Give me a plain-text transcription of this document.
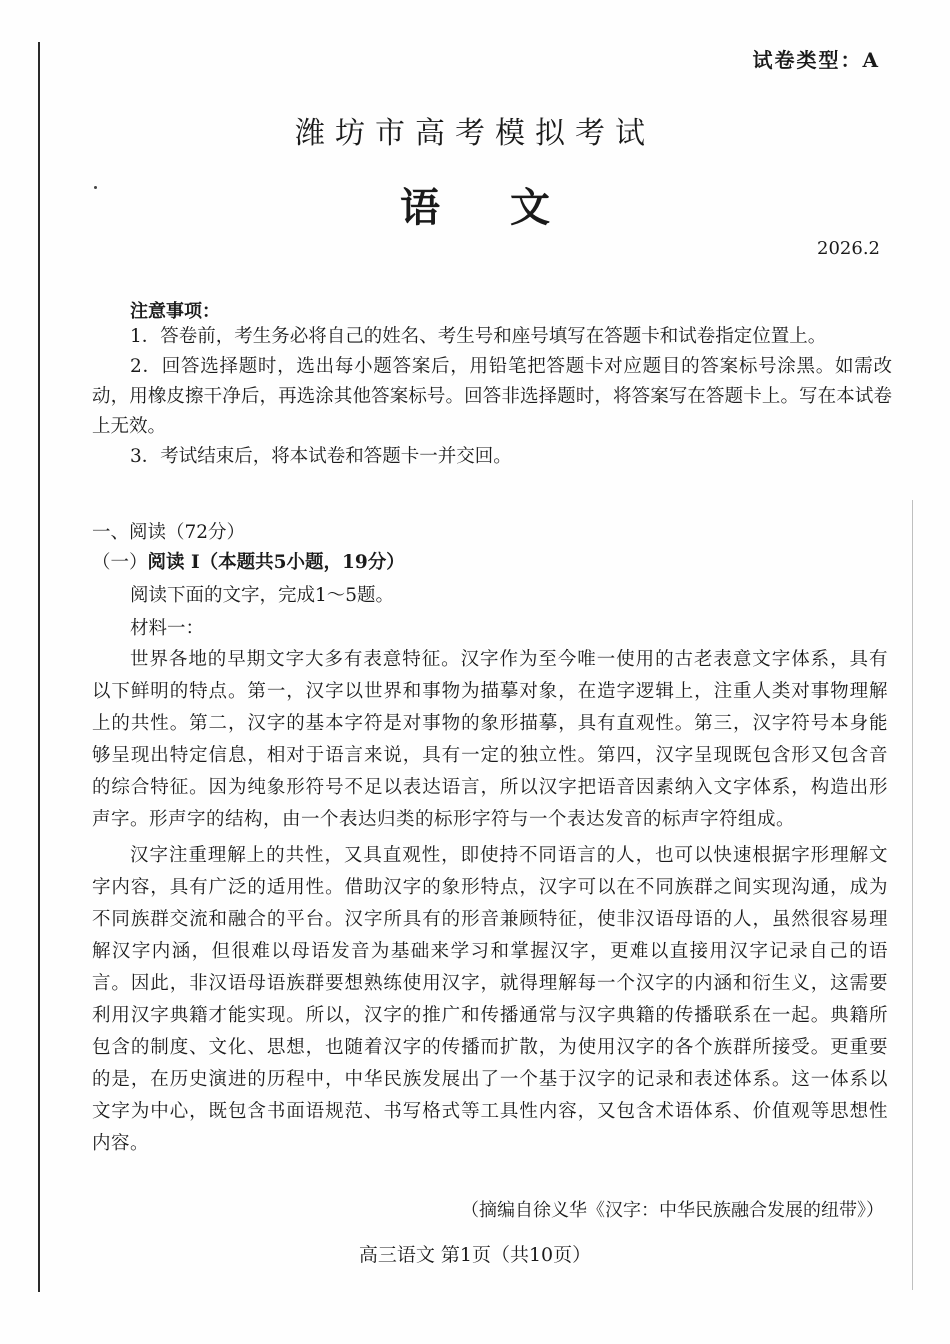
试卷类型：A
潍坊市高考模拟考试
语文
2026.2
注意事项：

1．答卷前，考生务必将自己的姓名、考生号和座号填写在答题卡和试卷指定位置上。

2．回答选择题时，选出每小题答案后，用铅笔把答题卡对应题目的答案标号涂黑。如需改动，用橡皮擦干净后，再选涂其他答案标号。回答非选择题时，将答案写在答题卡上。写在本试卷上无效。

3．考试结束后，将本试卷和答题卡一并交回。

一、阅读（72分）
（一）阅读 I（本题共5小题，19分）
阅读下面的文字，完成1～5题。
材料一：

世界各地的早期文字大多有表意特征。汉字作为至今唯一使用的古老表意文字体系，具有以下鲜明的特点。第一，汉字以世界和事物为描摹对象，在造字逻辑上，注重人类对事物理解上的共性。第二，汉字的基本字符是对事物的象形描摹，具有直观性。第三，汉字符号本身能够呈现出特定信息，相对于语言来说，具有一定的独立性。第四，汉字呈现既包含形又包含音的综合特征。因为纯象形符号不足以表达语言，所以汉字把语音因素纳入文字体系，构造出形声字。形声字的结构，由一个表达归类的标形字符与一个表达发音的标声字符组成。

汉字注重理解上的共性，又具直观性，即使持不同语言的人，也可以快速根据字形理解文字内容，具有广泛的适用性。借助汉字的象形特点，汉字可以在不同族群之间实现沟通，成为不同族群交流和融合的平台。汉字所具有的形音兼顾特征，使非汉语母语的人，虽然很容易理解汉字内涵，但很难以母语发音为基础来学习和掌握汉字，更难以直接用汉字记录自己的语言。因此，非汉语母语族群要想熟练使用汉字，就得理解每一个汉字的内涵和衍生义，这需要利用汉字典籍才能实现。所以，汉字的推广和传播通常与汉字典籍的传播联系在一起。典籍所包含的制度、文化、思想，也随着汉字的传播而扩散，为使用汉字的各个族群所接受。更重要的是，在历史演进的历程中，中华民族发展出了一个基于汉字的记录和表述体系。这一体系以文字为中心，既包含书面语规范、书写格式等工具性内容，又包含术语体系、价值观等思想性内容。

（摘编自徐义华《汉字：中华民族融合发展的纽带》）
高三语文 第1页（共10页）
